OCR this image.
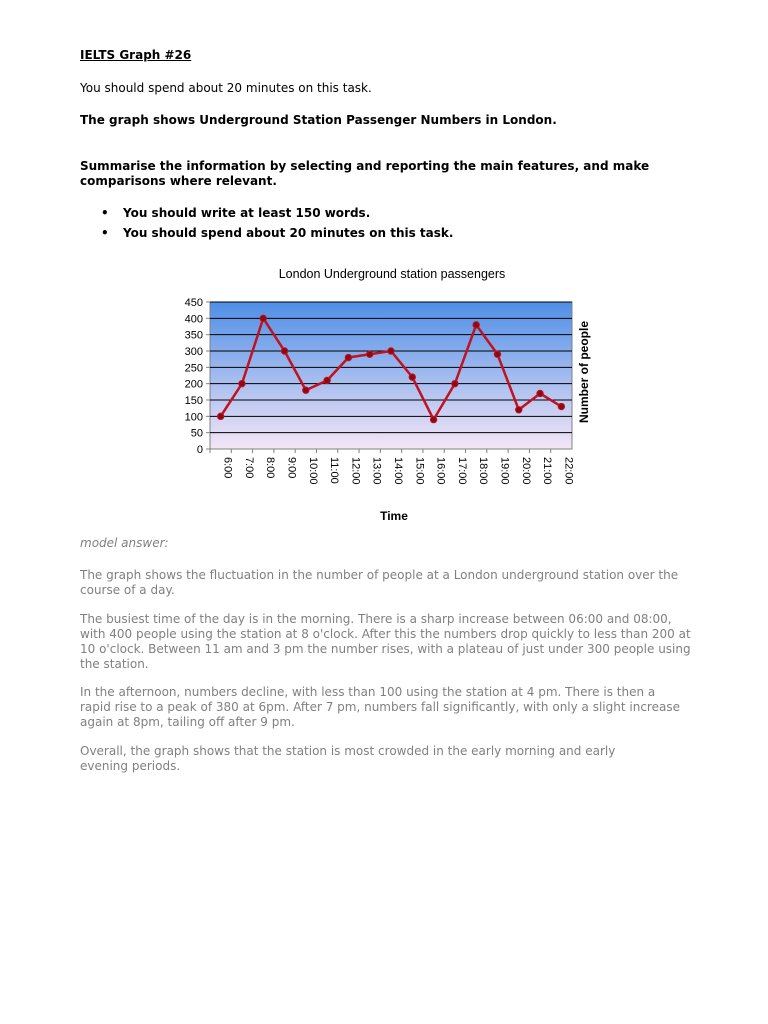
IELTS Graph #26

You should spend about 20 minutes on this task.

The graph shows Underground Station Passenger Numbers in London.

Summarise the information by selecting and reporting the main features, and make comparisons where relevant.

• You should write at least 150 words.
• You should spend about 20 minutes on this task.
London Underground station passengers
0
50
100
150
200
250
300
350
400
450
6:00 7:00 8:00 9:00 10:00 11:00 12:00 13:00 14:00 15:00 16:00 17:00 18:00 19:00 20:00 21:00 22:00
Time
Number of people

model answer:

The graph shows the fluctuation in the number of people at a London underground station over the course of a day.

The busiest time of the day is in the morning. There is a sharp increase between 06:00 and 08:00, with 400 people using the station at 8 o'clock. After this the numbers drop quickly to less than 200 at 10 o'clock. Between 11 am and 3 pm the number rises, with a plateau of just under 300 people using the station.

In the afternoon, numbers decline, with less than 100 using the station at 4 pm. There is then a rapid rise to a peak of 380 at 6pm. After 7 pm, numbers fall significantly, with only a slight increase again at 8pm, tailing off after 9 pm.

Overall, the graph shows that the station is most crowded in the early morning and early evening periods.
